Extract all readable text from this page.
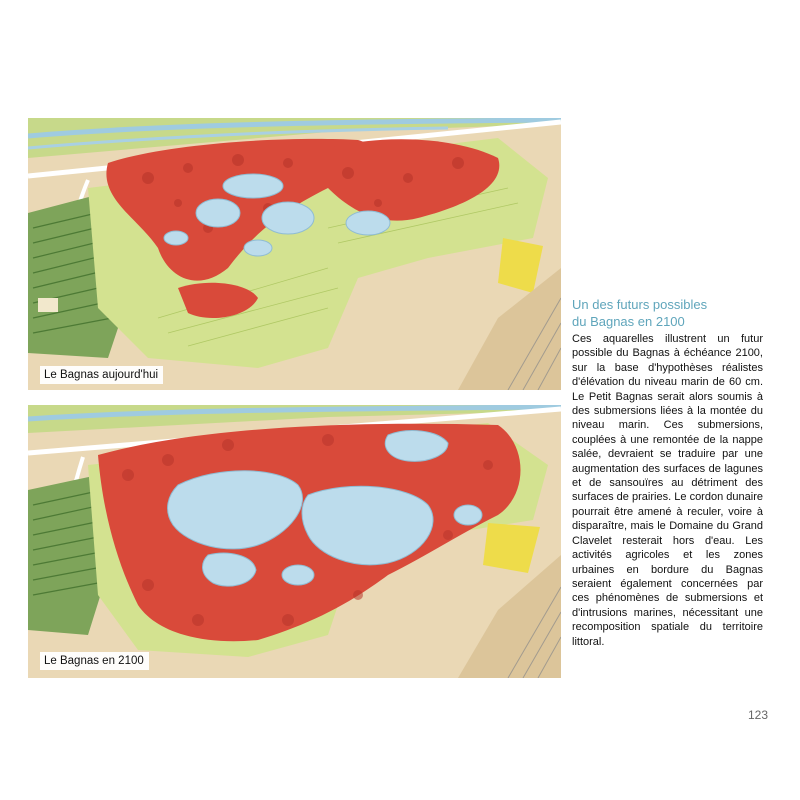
Le Bagnas aujourd'hui
Le Bagnas en 2100
Un des futurs possibles
du Bagnas en 2100

Ces aquarelles illustrent un futur possible du Bagnas à échéance 2100, sur la base d'hypothèses réalistes d'élévation du niveau marin de 60 cm. Le Petit Bagnas serait alors soumis à des submersions liées à la montée du niveau marin. Ces submersions, couplées à une remontée de la nappe salée, devraient se traduire par une augmentation des surfaces de lagunes et de sansouïres au détriment des surfaces de prairies. Le cordon dunaire pourrait être amené à reculer, voire à disparaître, mais le Domaine du Grand Clavelet resterait hors d'eau. Les activités agricoles et les zones urbaines en bordure du Bagnas seraient également concernées par ces phénomènes de submersions et d'intrusions marines, nécessitant une recomposition spatiale du territoire littoral.

123
